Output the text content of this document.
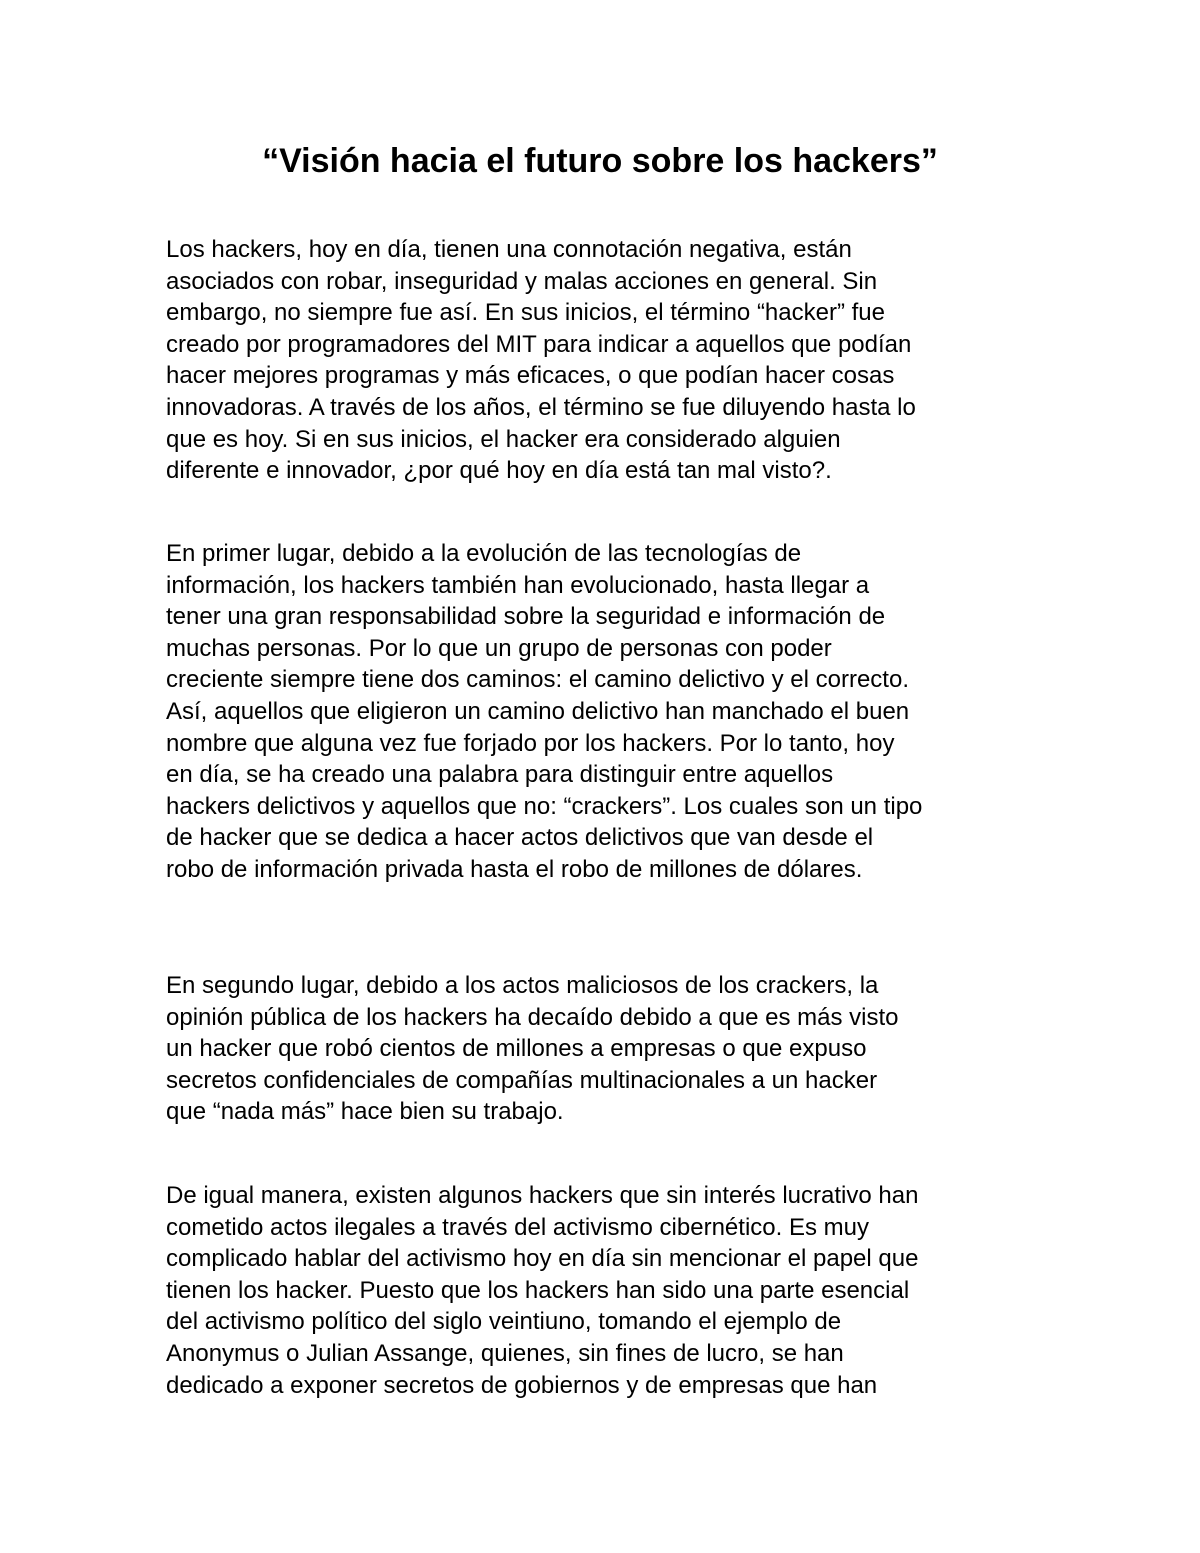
“Visión hacia el futuro sobre los hackers”

Los hackers, hoy en día, tienen una connotación negativa, están
asociados con robar, inseguridad y malas acciones en general. Sin
embargo, no siempre fue así. En sus inicios, el término “hacker” fue
creado por programadores del MIT para indicar a aquellos que podían
hacer mejores programas y más eficaces, o que podían hacer cosas
innovadoras. A través de los años, el término se fue diluyendo hasta lo
que es hoy. Si en sus inicios, el hacker era considerado alguien
diferente e innovador, ¿por qué hoy en día está tan mal visto?.

En primer lugar, debido a la evolución de las tecnologías de
información, los hackers también han evolucionado, hasta llegar a
tener una gran responsabilidad sobre la seguridad e información de
muchas personas. Por lo que un grupo de personas con poder
creciente siempre tiene dos caminos: el camino delictivo y el correcto.
Así, aquellos que eligieron un camino delictivo han manchado el buen
nombre que alguna vez fue forjado por los hackers. Por lo tanto, hoy
en día, se ha creado una palabra para distinguir entre aquellos
hackers delictivos y aquellos que no: “crackers”. Los cuales son un tipo
de hacker que se dedica a hacer actos delictivos que van desde el
robo de información privada hasta el robo de millones de dólares.

En segundo lugar, debido a los actos maliciosos de los crackers, la
opinión pública de los hackers ha decaído debido a que es más visto
un hacker que robó cientos de millones a empresas o que expuso
secretos confidenciales de compañías multinacionales a un hacker
que “nada más” hace bien su trabajo.

De igual manera, existen algunos hackers que sin interés lucrativo han
cometido actos ilegales a través del activismo cibernético. Es muy
complicado hablar del activismo hoy en día sin mencionar el papel que
tienen los hacker. Puesto que los hackers han sido una parte esencial
del activismo político del siglo veintiuno, tomando el ejemplo de
Anonymus o Julian Assange, quienes, sin fines de lucro, se han
dedicado a exponer secretos de gobiernos y de empresas que han
